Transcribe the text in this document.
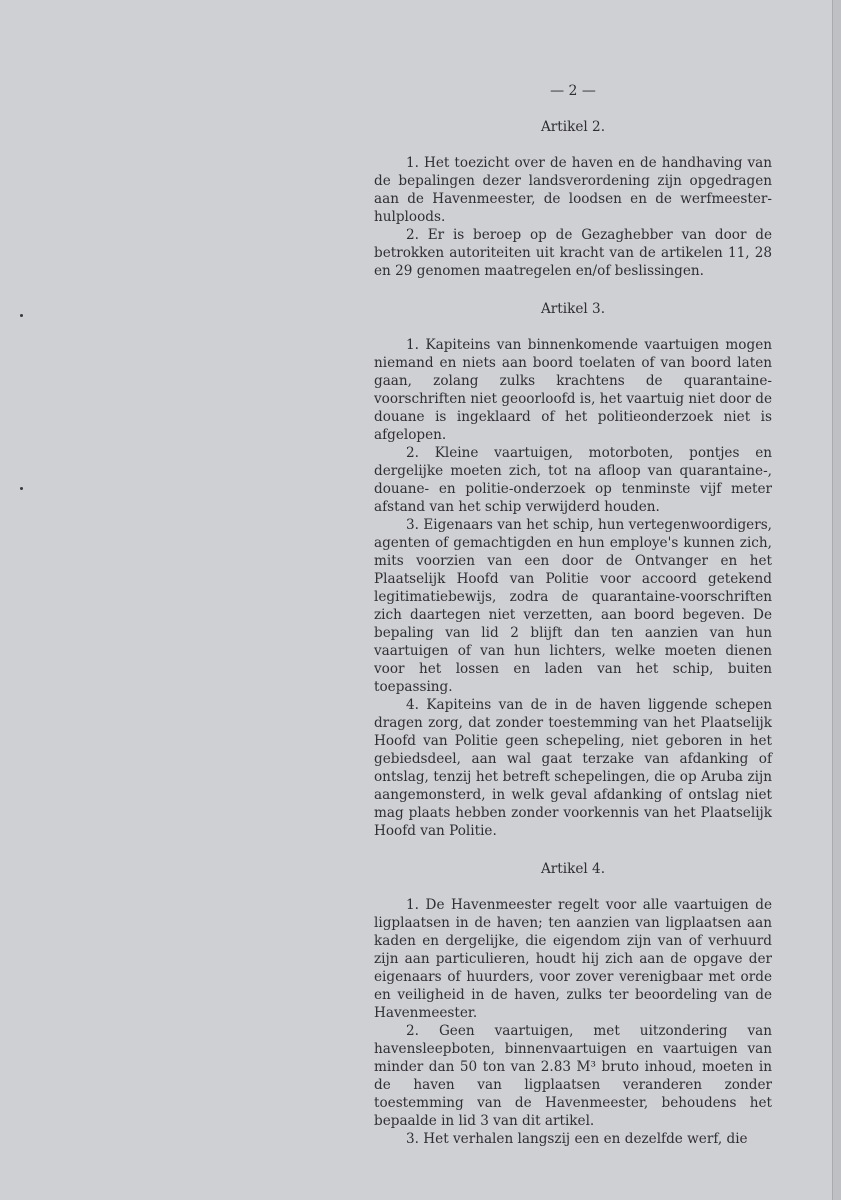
— 2 —

Artikel 2.

1. Het toezicht over de haven en de handhaving van de bepalingen dezer landsverordening zijn opgedragen aan de Havenmeester, de loodsen en de werfmeester-hulploods.

2. Er is beroep op de Gezaghebber van door de betrokken autoriteiten uit kracht van de artikelen 11, 28 en 29 genomen maatregelen en/of beslissingen.

Artikel 3.

1. Kapiteins van binnenkomende vaartuigen mogen niemand en niets aan boord toelaten of van boord laten gaan, zolang zulks krachtens de quarantaine-voorschriften niet geoorloofd is, het vaartuig niet door de douane is ingeklaard of het politieonderzoek niet is afgelopen.

2. Kleine vaartuigen, motorboten, pontjes en dergelijke moeten zich, tot na afloop van quarantaine-, douane- en politie-onderzoek op tenminste vijf meter afstand van het schip verwijderd houden.

3. Eigenaars van het schip, hun vertegenwoordigers, agenten of gemachtigden en hun employe's kunnen zich, mits voorzien van een door de Ontvanger en het Plaatselijk Hoofd van Politie voor accoord getekend legitimatiebewijs, zodra de quarantaine-voorschriften zich daartegen niet verzetten, aan boord begeven. De bepaling van lid 2 blijft dan ten aanzien van hun vaartuigen of van hun lichters, welke moeten dienen voor het lossen en laden van het schip, buiten toepassing.

4. Kapiteins van de in de haven liggende schepen dragen zorg, dat zonder toestemming van het Plaatselijk Hoofd van Politie geen schepeling, niet geboren in het gebiedsdeel, aan wal gaat terzake van afdanking of ontslag, tenzij het betreft schepelingen, die op Aruba zijn aangemonsterd, in welk geval afdanking of ontslag niet mag plaats hebben zonder voorkennis van het Plaatselijk Hoofd van Politie.

Artikel 4.

1. De Havenmeester regelt voor alle vaartuigen de ligplaatsen in de haven; ten aanzien van ligplaatsen aan kaden en dergelijke, die eigendom zijn van of verhuurd zijn aan particulieren, houdt hij zich aan de opgave der eigenaars of huurders, voor zover verenigbaar met orde en veiligheid in de haven, zulks ter beoordeling van de Havenmeester.

2. Geen vaartuigen, met uitzondering van havensleepboten, binnenvaartuigen en vaartuigen van minder dan 50 ton van 2.83 M³ bruto inhoud, moeten in de haven van ligplaatsen veranderen zonder toestemming van de Havenmeester, behoudens het bepaalde in lid 3 van dit artikel.

3. Het verhalen langszij een en dezelfde werf, die
